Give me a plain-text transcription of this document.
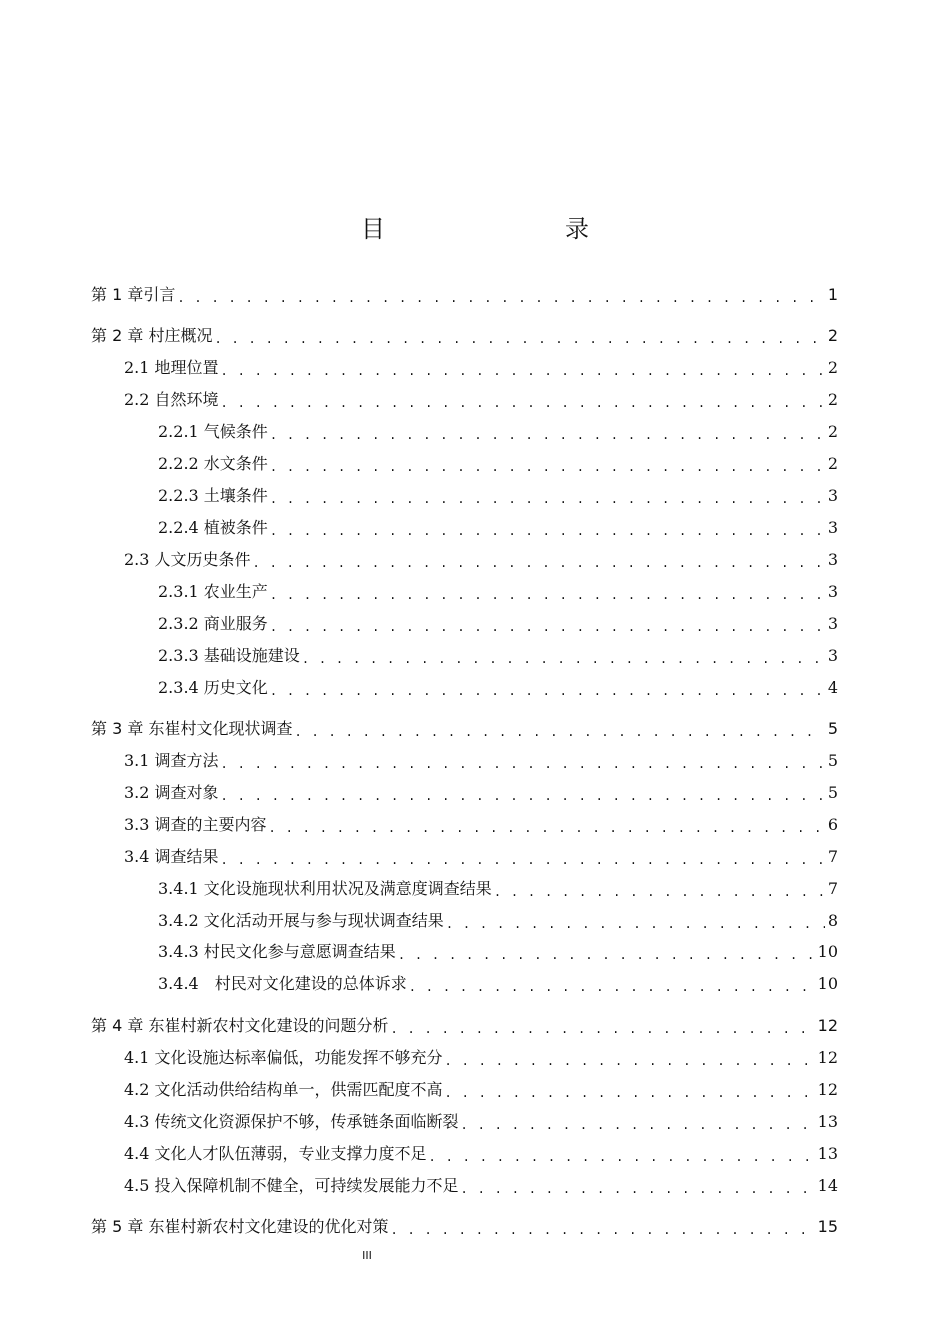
目　　录
第 1 章引言 . . .	1
第 2 章 村庄概况 . . .	2
2.1 地理位置 . . .	2
2.2 自然环境 . . .	2
2.2.1 气候条件 . . .	2
2.2.2 水文条件 . . .	2
2.2.3 土壤条件 . . .	3
2.2.4 植被条件 . . .	3
2.3 人文历史条件 . . .	3
2.3.1 农业生产 . . .	3
2.3.2 商业服务 . . .	3
2.3.3 基础设施建设 . . .	3
2.3.4 历史文化 . . .	4
第 3 章 东崔村文化现状调查 . . .	5
3.1 调查方法 . . .	5
3.2 调查对象 . . .	5
3.3 调查的主要内容 . . .	6
3.4 调查结果 . . .	7
3.4.1 文化设施现状利用状况及满意度调查结果 . . .	7
3.4.2 文化活动开展与参与现状调查结果 . . .	8
3.4.3 村民文化参与意愿调查结果 . . .	10
3.4.4　村民对文化建设的总体诉求 . . .	10
第 4 章 东崔村新农村文化建设的问题分析 . . .	12
4.1 文化设施达标率偏低，功能发挥不够充分 . . .	12
4.2 文化活动供给结构单一，供需匹配度不高 . . .	12
4.3 传统文化资源保护不够，传承链条面临断裂 . . .	13
4.4 文化人才队伍薄弱，专业支撑力度不足 . . .	13
4.5 投入保障机制不健全，可持续发展能力不足 . . .	14
第 5 章 东崔村新农村文化建设的优化对策 . . .	15
III
